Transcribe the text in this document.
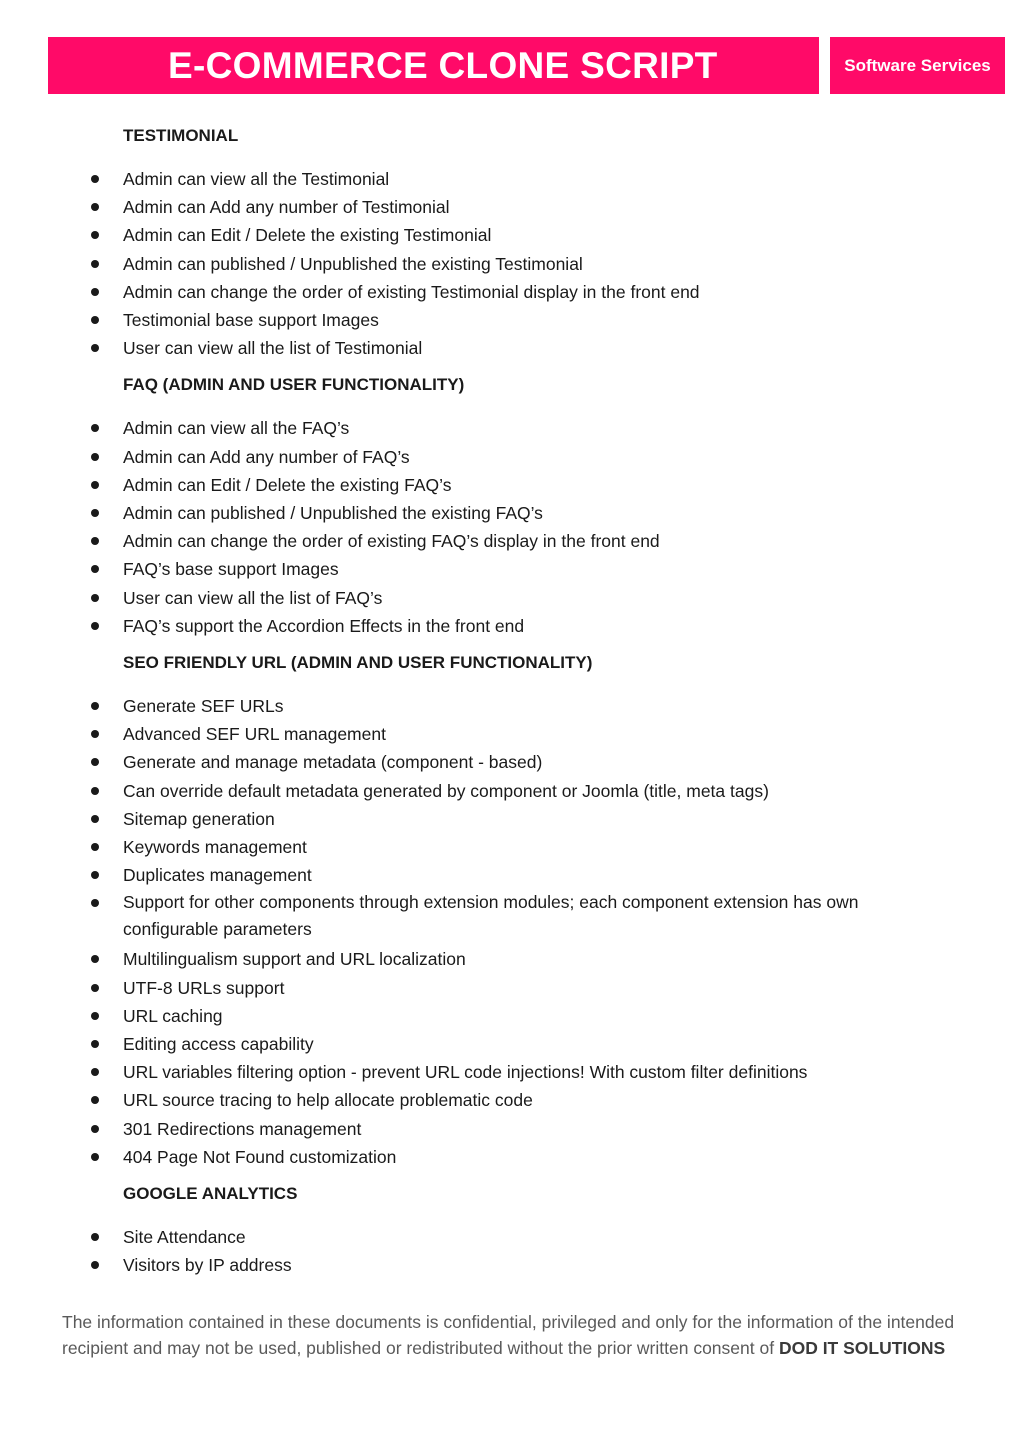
E-COMMERCE CLONE SCRIPT	Software Services
TESTIMONIAL
Admin can view all the Testimonial
Admin can Add any number of Testimonial
Admin can Edit / Delete the existing Testimonial
Admin can published / Unpublished the existing Testimonial
Admin can change the order of existing Testimonial display in the front end
Testimonial base support Images
User can view all the list of Testimonial
FAQ (ADMIN AND USER FUNCTIONALITY)
Admin can view all the FAQ’s
Admin can Add any number of FAQ’s
Admin can Edit / Delete the existing FAQ’s
Admin can published / Unpublished the existing FAQ’s
Admin can change the order of existing FAQ’s display in the front end
FAQ’s base support Images
User can view all the list of FAQ’s
FAQ’s support the Accordion Effects in the front end
SEO FRIENDLY URL (ADMIN AND USER FUNCTIONALITY)
Generate SEF URLs
Advanced SEF URL management
Generate and manage metadata (component - based)
Can override default metadata generated by component or Joomla (title, meta tags)
Sitemap generation
Keywords management
Duplicates management
Support for other components through extension modules; each component extension has own configurable parameters
Multilingualism support and URL localization
UTF-8 URLs support
URL caching
Editing access capability
URL variables filtering option - prevent URL code injections! With custom filter definitions
URL source tracing to help allocate problematic code
301 Redirections management
404 Page Not Found customization
GOOGLE ANALYTICS
Site Attendance
Visitors by IP address
The information contained in these documents is confidential, privileged and only for the information of the intended recipient and may not be used, published or redistributed without the prior written consent of DOD IT SOLUTIONS
